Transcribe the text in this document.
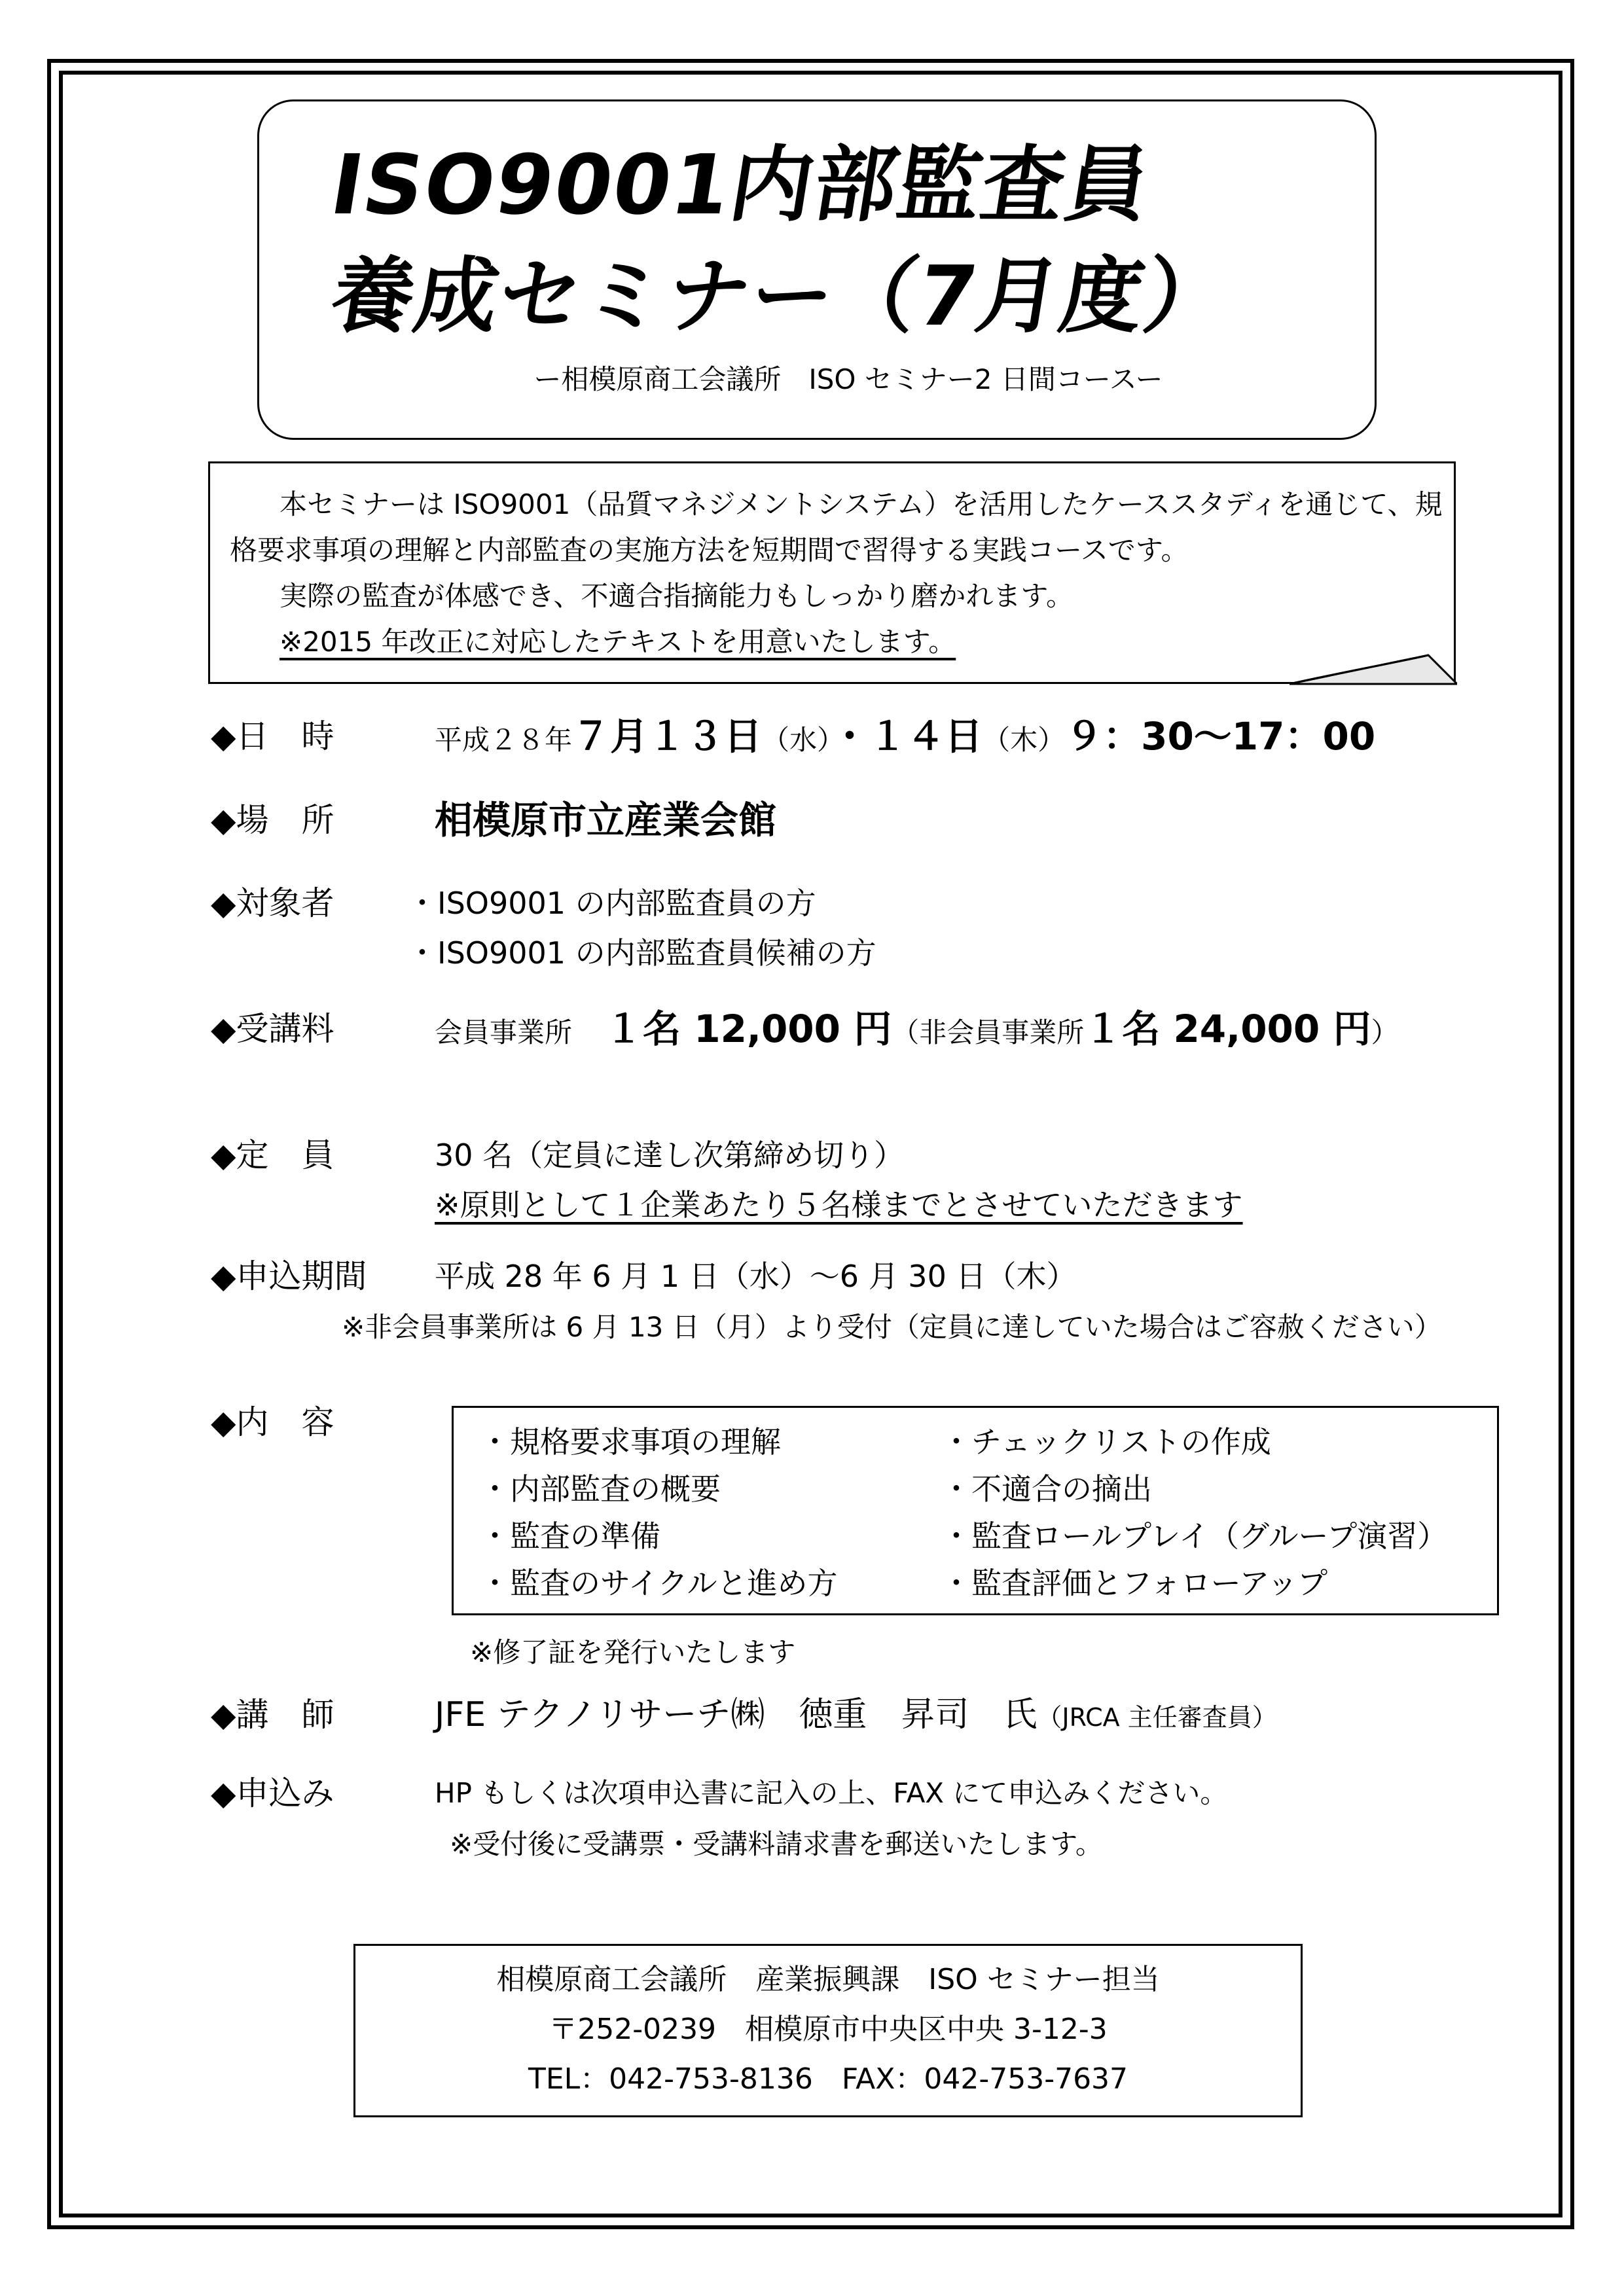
ISO9001内部監査員
養成セミナー（7月度）
ー相模原商工会議所　ISO セミナー2 日間コースー
本セミナーは ISO9001（品質マネジメントシステム）を活用したケーススタディを通じて、規
格要求事項の理解と内部監査の実施方法を短期間で習得する実践コースです。
実際の監査が体感でき、不適合指摘能力もしっかり磨かれます。
※2015 年改正に対応したテキストを用意いたします。
◆日　時	平成２８年７月１３日（水）・１４日（木）９：30〜17：00
◆場　所	相模原市立産業会館
◆対象者 ・ISO9001 の内部監査員の方
・ISO9001 の内部監査員候補の方
◆受講料	会員事業所 １名 12,000 円（非会員事業所１名 24,000 円）
◆定　員	30 名（定員に達し次第締め切り）
※原則として１企業あたり５名様までとさせていただきます
◆申込期間 平成 28 年 6 月 1 日（水）〜6 月 30 日（木）
※非会員事業所は 6 月 13 日（月）より受付（定員に達していた場合はご容赦ください）
◆内　容
・規格要求事項の理解
・内部監査の概要
・監査の準備
・監査のサイクルと進め方
・チェックリストの作成
・不適合の摘出
・監査ロールプレイ（グループ演習）
・監査評価とフォローアップ
※修了証を発行いたします
◆講　師	JFE テクノリサーチ㈱　徳重　昇司　氏（JRCA 主任審査員）
◆申込み	HP もしくは次項申込書に記入の上、FAX にて申込みください。
※受付後に受講票・受講料請求書を郵送いたします。
相模原商工会議所　産業振興課　ISO セミナー担当
〒252-0239　相模原市中央区中央 3-12-3
TEL：042-753-8136　FAX：042-753-7637
